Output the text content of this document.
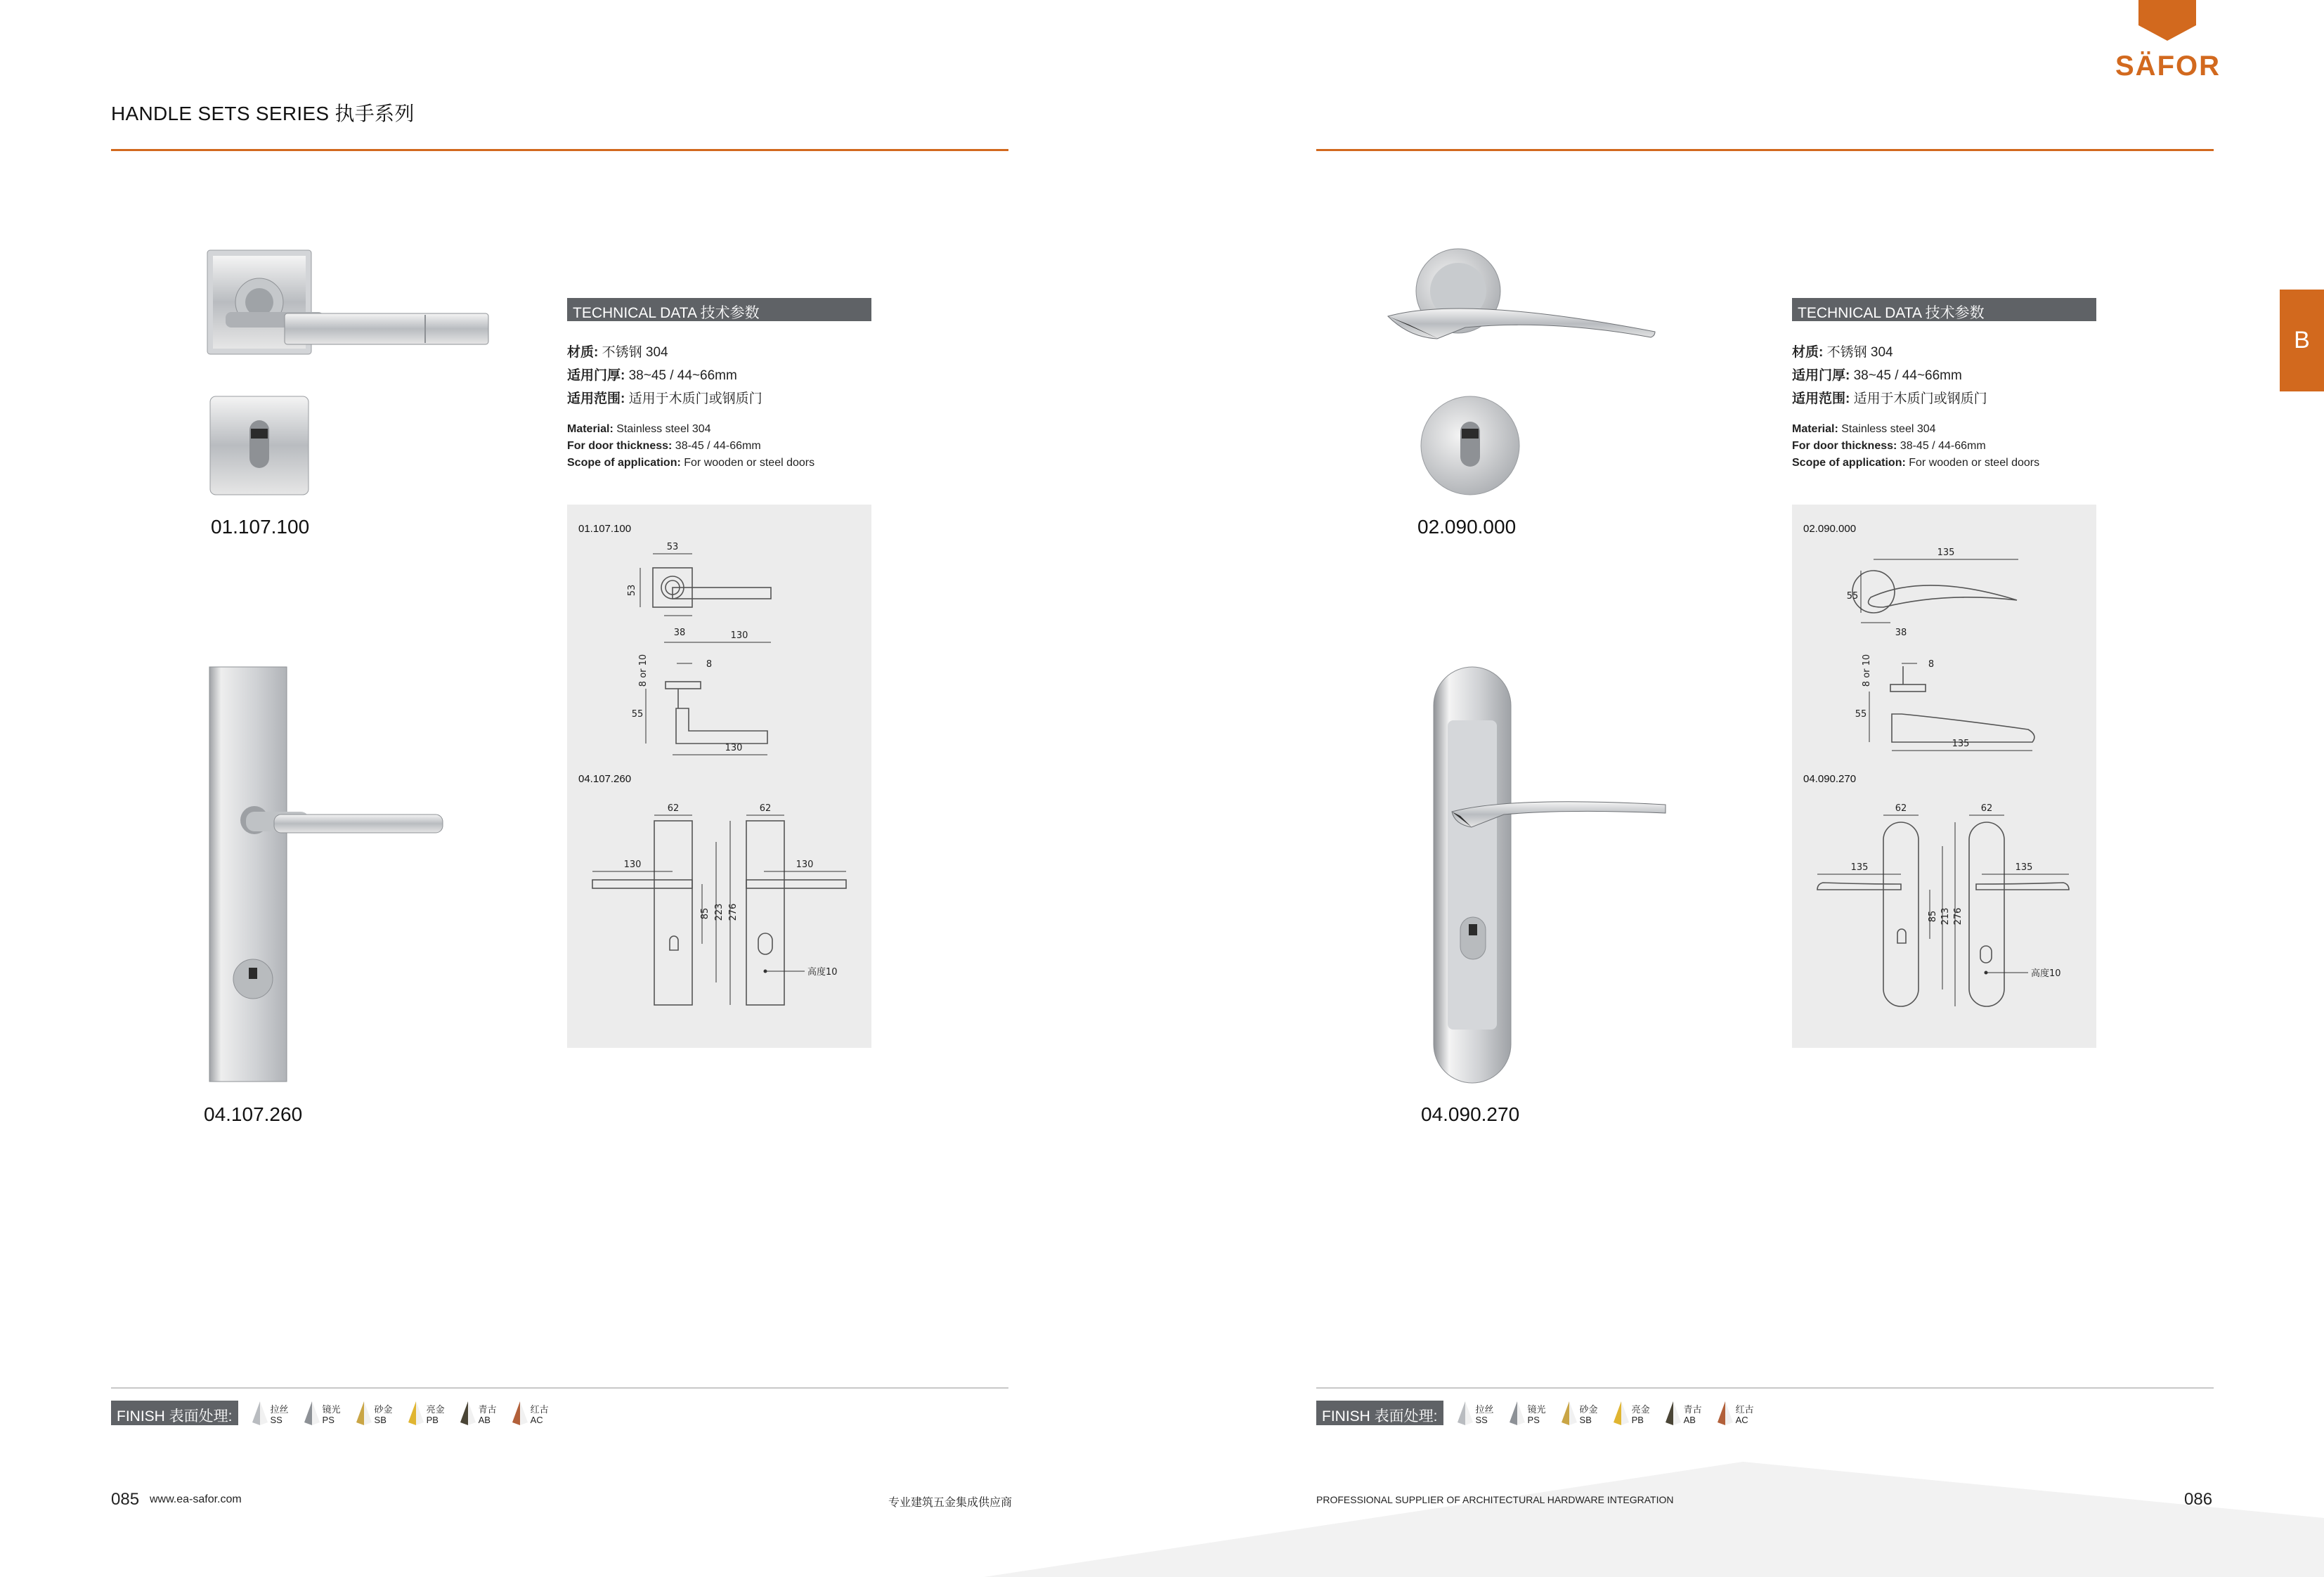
HANDLE SETS SERIES 执手系列
SÄFOR
B
01.107.100
04.107.260
TECHNICAL DATA 技术参数
材质: 不锈钢 304
适用门厚: 38~45 / 44~66mm
适用范围: 适用于木质门或钢质门
Material: Stainless steel 304
For door thickness: 38-45 / 44-66mm
Scope of application: For wooden or steel doors
01.107.100
04.107.260
53
53
38	130
8 or 10	8
55
130
62	62
130	130
85 223 276
高度10
02.090.000
04.090.270
TECHNICAL DATA 技术参数
材质: 不锈钢 304
适用门厚: 38~45 / 44~66mm
适用范围: 适用于木质门或钢质门
Material: Stainless steel 304
For door thickness: 38-45 / 44-66mm
Scope of application: For wooden or steel doors
02.090.000
04.090.270
135
55
38
8 or 10	8
55
135
62	62
135	135
85 213 276
高度10
FINISH 表面处理:	拉丝
SS
镜光
PS
砂金
SB
亮金
PB
青古
AB
红古
AC	FINISH 表面处理:	拉丝
SS
镜光
PS
砂金
SB
亮金
PB
青古
AB
红古
AC
085 www.ea-safor.com	专业建筑五金集成供应商	PROFESSIONAL SUPPLIER OF ARCHITECTURAL HARDWARE INTEGRATION	086
